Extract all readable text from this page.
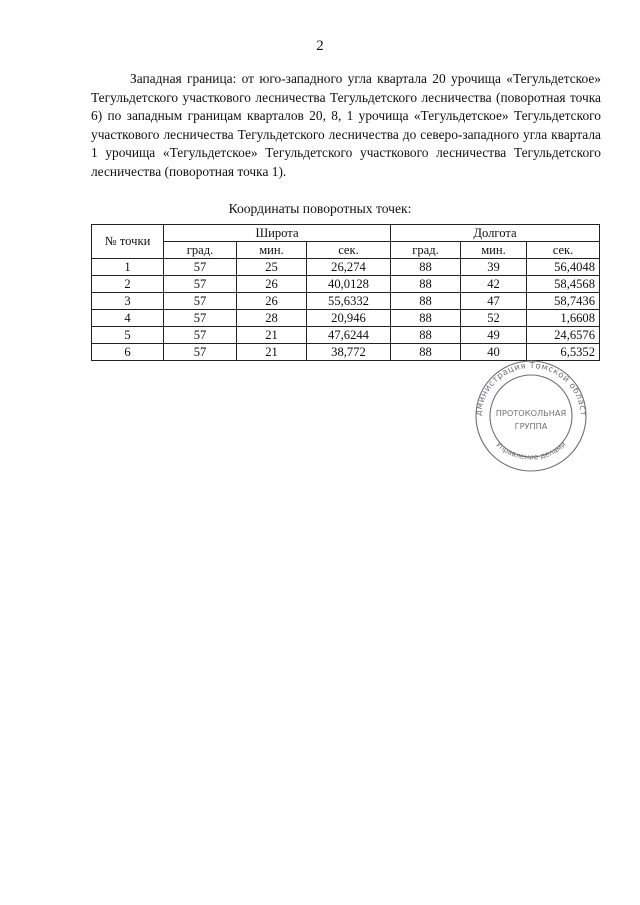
2

Западная граница: от юго-западного угла квартала 20 урочища «Тегульдетское» Тегульдетского участкового лесничества Тегульдетского лесничества (поворотная точка 6) по западным границам кварталов 20, 8, 1 урочища «Тегульдетское» Тегульдетского участкового лесничества Тегульдетского лесничества до северо-западного угла квартала 1 урочища «Тегульдетское» Тегульдетского участкового лесничества Тегульдетского лесничества (поворотная точка 1).

Координаты поворотных точек:
№ точки	Широта			Долгота		
	град.	мин.	сек.	град.	мин.	сек.
1	57	25	26,274	88	39	56,4048
2	57	26	40,0128	88	42	58,4568
3	57	26	55,6332	88	47	58,7436
4	57	28	20,946	88	52	1,6608
5	57	21	47,6244	88	49	24,6576
6	57	21	38,772	88	40	6,5352
дминистрация Томской област
Управление делами
ПРОТОКОЛЬНАЯ
ГРУППА
